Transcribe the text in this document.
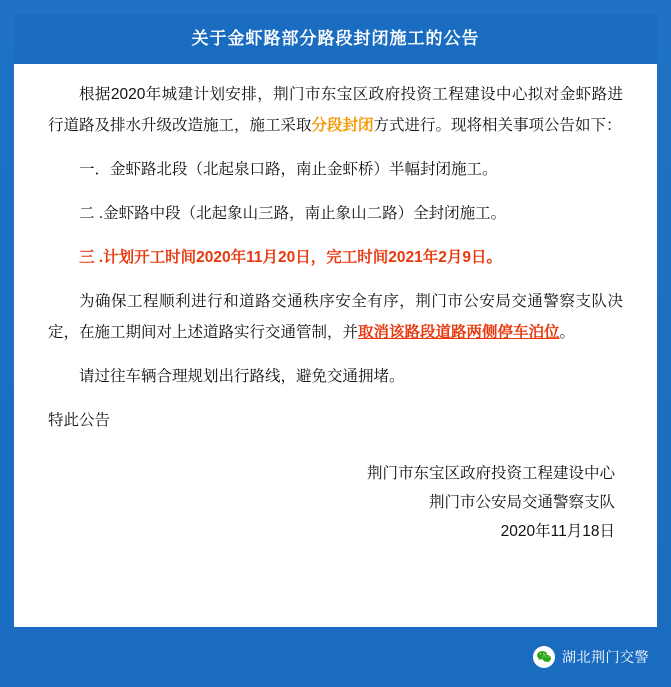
关于金虾路部分路段封闭施工的公告

根据2020年城建计划安排，荆门市东宝区政府投资工程建设中心拟对金虾路进行道路及排水升级改造施工，施工采取分段封闭方式进行。现将相关事项公告如下：

一．金虾路北段（北起泉口路，南止金虾桥）半幅封闭施工。

二 .金虾路中段（北起象山三路，南止象山二路）全封闭施工。

三 .计划开工时间2020年11月20日，完工时间2021年2月9日。

为确保工程顺利进行和道路交通秩序安全有序，荆门市公安局交通警察支队决定，在施工期间对上述道路实行交通管制，并取消该路段道路两侧停车泊位。

请过往车辆合理规划出行路线，避免交通拥堵。

特此公告

荆门市东宝区政府投资工程建设中心
荆门市公安局交通警察支队
2020年11月18日
湖北荆门交警
